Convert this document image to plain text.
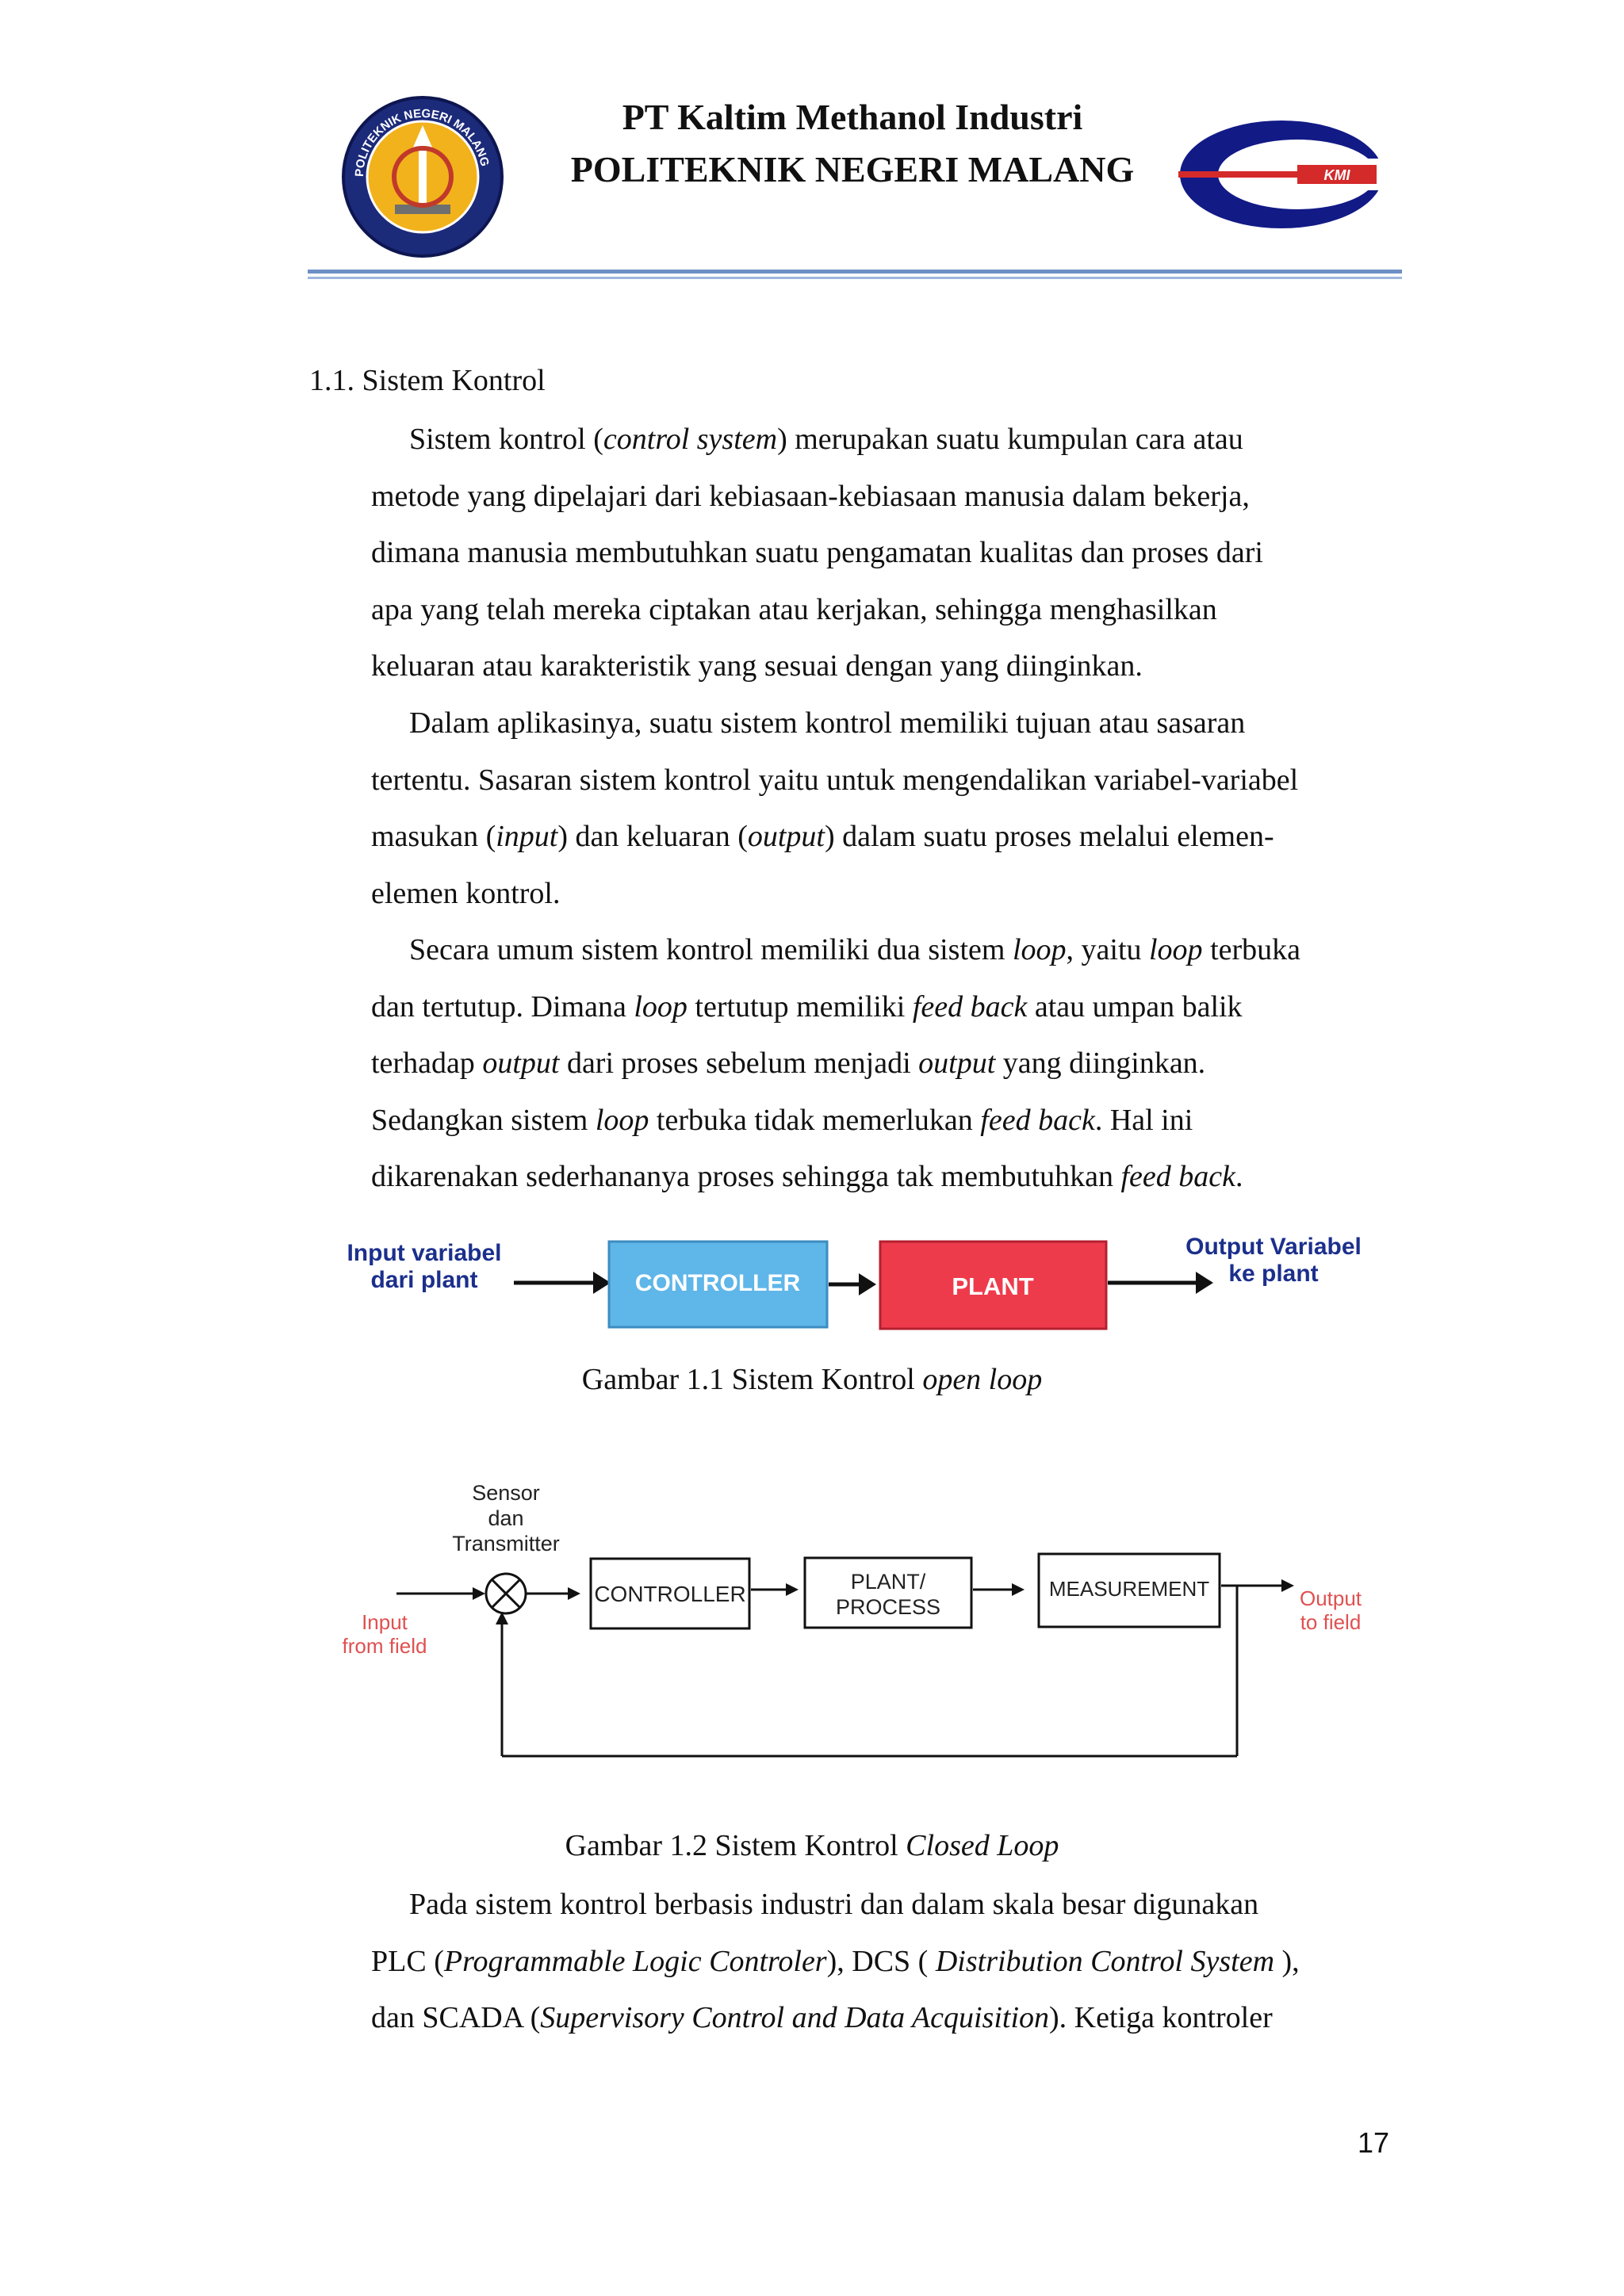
POLITEKNIK NEGERI MALANG
PT Kaltim Methanol Industri
POLITEKNIK NEGERI MALANG	KMI
1.1. Sistem Kontrol
Sistem kontrol (control system) merupakan suatu kumpulan cara atau
metode yang dipelajari dari kebiasaan-kebiasaan manusia dalam bekerja,
dimana manusia membutuhkan suatu pengamatan kualitas dan proses dari
apa yang telah mereka ciptakan atau kerjakan, sehingga menghasilkan
keluaran atau karakteristik yang sesuai dengan yang diinginkan.
Dalam aplikasinya, suatu sistem kontrol memiliki tujuan atau sasaran
tertentu. Sasaran sistem kontrol yaitu untuk mengendalikan variabel-variabel
masukan (input) dan keluaran (output) dalam suatu proses melalui elemen-
elemen kontrol.
Secara umum sistem kontrol memiliki dua sistem loop, yaitu loop terbuka
dan tertutup. Dimana loop tertutup memiliki feed back atau umpan balik
terhadap output dari proses sebelum menjadi output yang diinginkan.
Sedangkan sistem loop terbuka tidak memerlukan feed back. Hal ini
dikarenakan sederhananya proses sehingga tak membutuhkan feed back.
Input variabel
dari plant	CONTROLLER	PLANT
Output Variabel
ke plant
Gambar 1.1 Sistem Kontrol open loop
Sensor
dan
Transmitter
Input
from field
CONTROLLER	PLANT/
PROCESS
MEASUREMENT	Output
to field
Gambar 1.2 Sistem Kontrol Closed Loop
Pada sistem kontrol berbasis industri dan dalam skala besar digunakan
PLC (Programmable Logic Controler), DCS ( Distribution Control System ),
dan SCADA (Supervisory Control and Data Acquisition). Ketiga kontroler
17
